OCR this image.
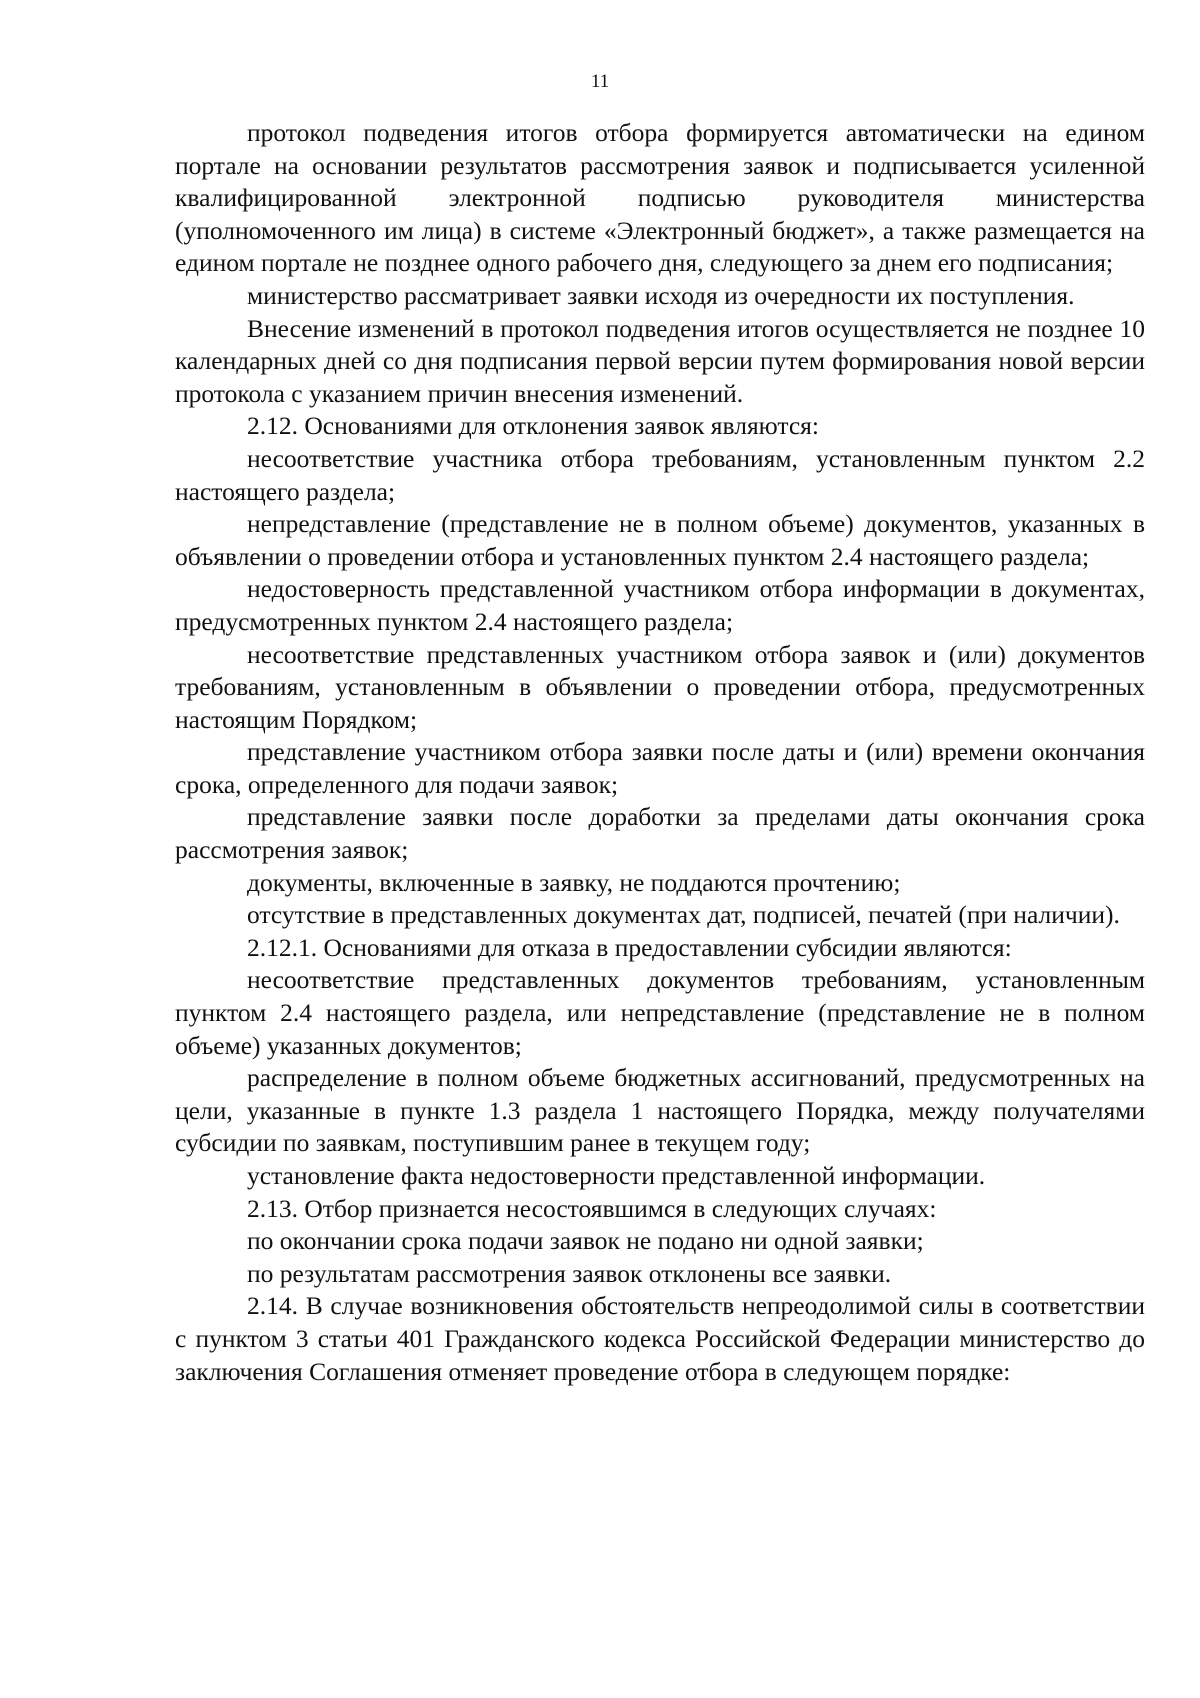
11

протокол подведения итогов отбора формируется автоматически на едином портале на основании результатов рассмотрения заявок и подписывается усиленной квалифицированной электронной подписью руководителя министерства (уполномоченного им лица) в системе «Электронный бюджет», а также размещается на едином портале не позднее одного рабочего дня, следующего за днем его подписания;

министерство рассматривает заявки исходя из очередности их поступления.

Внесение изменений в протокол подведения итогов осуществляется не позднее 10 календарных дней со дня подписания первой версии путем формирования новой версии протокола с указанием причин внесения изменений.

2.12. Основаниями для отклонения заявок являются:

несоответствие участника отбора требованиям, установленным пунктом 2.2 настоящего раздела;

непредставление (представление не в полном объеме) документов, указанных в объявлении о проведении отбора и установленных пунктом 2.4 настоящего раздела;

недостоверность представленной участником отбора информации в документах, предусмотренных пунктом 2.4 настоящего раздела;

несоответствие представленных участником отбора заявок и (или) документов требованиям, установленным в объявлении о проведении отбора, предусмотренных настоящим Порядком;

представление участником отбора заявки после даты и (или) времени окончания срока, определенного для подачи заявок;

представление заявки после доработки за пределами даты окончания срока рассмотрения заявок;

документы, включенные в заявку, не поддаются прочтению;

отсутствие в представленных документах дат, подписей, печатей (при наличии).

2.12.1. Основаниями для отказа в предоставлении субсидии являются:

несоответствие представленных документов требованиям, установленным пунктом 2.4 настоящего раздела, или непредставление (представление не в полном объеме) указанных документов;

распределение в полном объеме бюджетных ассигнований, предусмотренных на цели, указанные в пункте 1.3 раздела 1 настоящего Порядка, между получателями субсидии по заявкам, поступившим ранее в текущем году;

установление факта недостоверности представленной информации.

2.13. Отбор признается несостоявшимся в следующих случаях:

по окончании срока подачи заявок не подано ни одной заявки;

по результатам рассмотрения заявок отклонены все заявки.

2.14. В случае возникновения обстоятельств непреодолимой силы в соответствии с пунктом 3 статьи 401 Гражданского кодекса Российской Федерации министерство до заключения Соглашения отменяет проведение отбора в следующем порядке:
